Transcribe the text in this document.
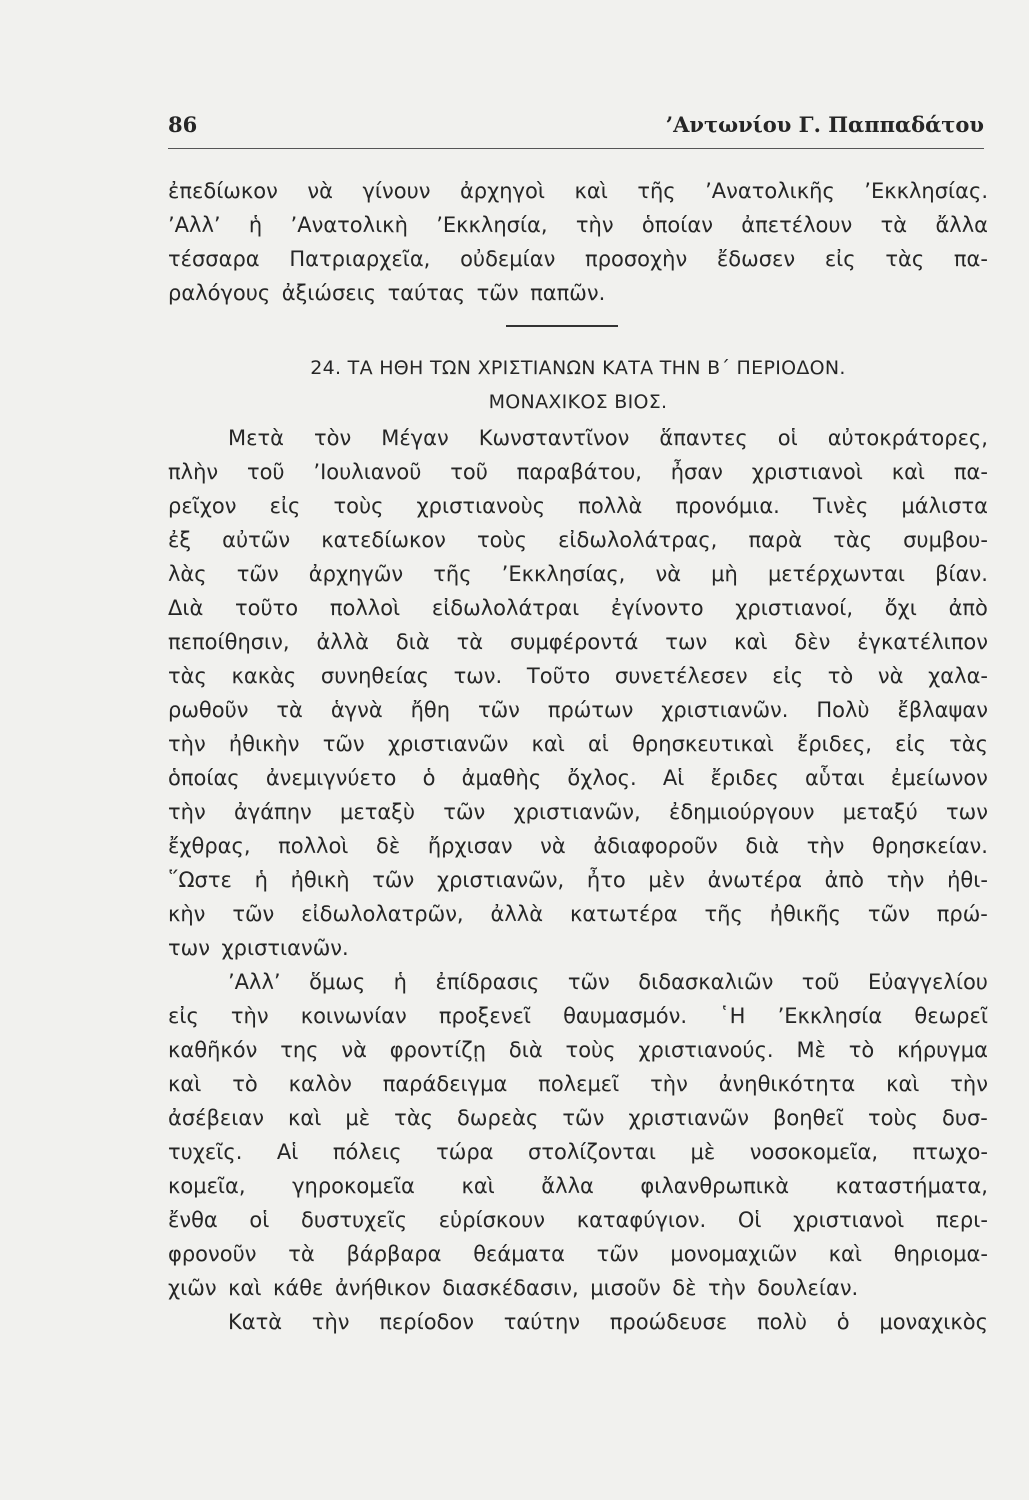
86	’Αντωνίου Γ. Παππαδάτου
ἐπεδίωκον νὰ γίνουν ἀρχηγοὶ καὶ τῆς ’Ανατολικῆς ’Εκκλησίας.
’Αλλ’ ἡ ’Ανατολικὴ ’Εκκλησία, τὴν ὁποίαν ἀπετέλουν τὰ ἄλλα
τέσσαρα Πατριαρχεῖα, οὐδεμίαν προσοχὴν ἔδωσεν εἰς τὰς πα-
ραλόγους ἀξιώσεις ταύτας τῶν παπῶν.
24. ΤΑ ΗΘΗ ΤΩΝ ΧΡΙΣΤΙΑΝΩΝ ΚΑΤΑ ΤΗΝ Β΄ ΠΕΡΙΟΔΟΝ.
ΜΟΝΑΧΙΚΟΣ ΒΙΟΣ.
Μετὰ τὸν Μέγαν Κωνσταντῖνον ἅπαντες οἱ αὐτοκράτορες,
πλὴν τοῦ ’Ιουλιανοῦ τοῦ παραβάτου, ἦσαν χριστιανοὶ καὶ πα-
ρεῖχον εἰς τοὺς χριστιανοὺς πολλὰ προνόμια. Τινὲς μάλιστα
ἐξ αὐτῶν κατεδίωκον τοὺς εἰδωλολάτρας, παρὰ τὰς συμβου-
λὰς τῶν ἀρχηγῶν τῆς ’Εκκλησίας, νὰ μὴ μετέρχωνται βίαν.
Διὰ τοῦτο πολλοὶ εἰδωλολάτραι ἐγίνοντο χριστιανοί, ὄχι ἀπὸ
πεποίθησιν, ἀλλὰ διὰ τὰ συμφέροντά των καὶ δὲν ἐγκατέλιπον
τὰς κακὰς συνηθείας των. Τοῦτο συνετέλεσεν εἰς τὸ νὰ χαλα-
ρωθοῦν τὰ ἁγνὰ ἤθη τῶν πρώτων χριστιανῶν. Πολὺ ἔβλαψαν
τὴν ἠθικὴν τῶν χριστιανῶν καὶ αἱ θρησκευτικαὶ ἔριδες, εἰς τὰς
ὁποίας ἀνεμιγνύετο ὁ ἀμαθὴς ὄχλος. Αἱ ἔριδες αὗται ἐμείωνον
τὴν ἀγάπην μεταξὺ τῶν χριστιανῶν, ἐδημιούργουν μεταξύ των
ἔχθρας, πολλοὶ δὲ ἤρχισαν νὰ ἀδιαφοροῦν διὰ τὴν θρησκείαν.
῞Ωστε ἡ ἠθικὴ τῶν χριστιανῶν, ἦτο μὲν ἀνωτέρα ἀπὸ τὴν ἠθι-
κὴν τῶν εἰδωλολατρῶν, ἀλλὰ κατωτέρα τῆς ἠθικῆς τῶν πρώ-
των χριστιανῶν.
’Αλλ’ ὅμως ἡ ἐπίδρασις τῶν διδασκαλιῶν τοῦ Εὐαγγελίου
εἰς τὴν κοινωνίαν προξενεῖ θαυμασμόν. ῾Η ’Εκκλησία θεωρεῖ
καθῆκόν της νὰ φροντίζῃ διὰ τοὺς χριστιανούς. Μὲ τὸ κήρυγμα
καὶ τὸ καλὸν παράδειγμα πολεμεῖ τὴν ἀνηθικότητα καὶ τὴν
ἀσέβειαν καὶ μὲ τὰς δωρεὰς τῶν χριστιανῶν βοηθεῖ τοὺς δυσ-
τυχεῖς. Αἱ πόλεις τώρα στολίζονται μὲ νοσοκομεῖα, πτωχο-
κομεῖα, γηροκομεῖα καὶ ἄλλα φιλανθρωπικὰ καταστήματα,
ἔνθα οἱ δυστυχεῖς εὑρίσκουν καταφύγιον. Οἱ χριστιανοὶ περι-
φρονοῦν τὰ βάρβαρα θεάματα τῶν μονομαχιῶν καὶ θηριομα-
χιῶν καὶ κάθε ἀνήθικον διασκέδασιν, μισοῦν δὲ τὴν δουλείαν.
Κατὰ τὴν περίοδον ταύτην προώδευσε πολὺ ὁ μοναχικὸς
